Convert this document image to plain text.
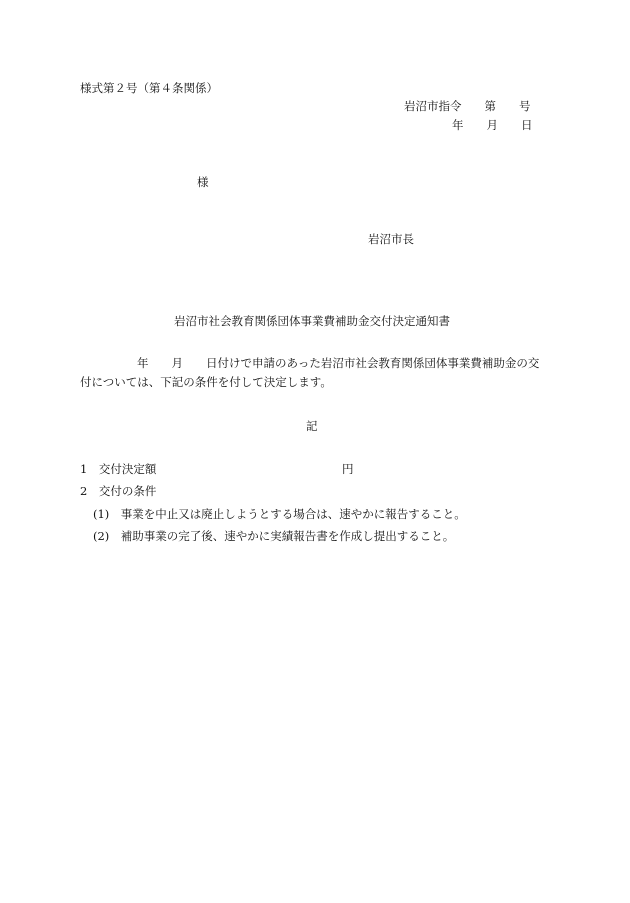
様式第２号（第４条関係）
岩沼市指令　　第　　号
年　　月　　日
様
岩沼市長
岩沼市社会教育関係団体事業費補助金交付決定通知書
年　　月　　日付けで申請のあった岩沼市社会教育関係団体事業費補助金の交
付については、下記の条件を付して決定します。
記
1　交付決定額	円
2　交付の条件
(1)　事業を中止又は廃止しようとする場合は、速やかに報告すること。
(2)　補助事業の完了後、速やかに実績報告書を作成し提出すること。
